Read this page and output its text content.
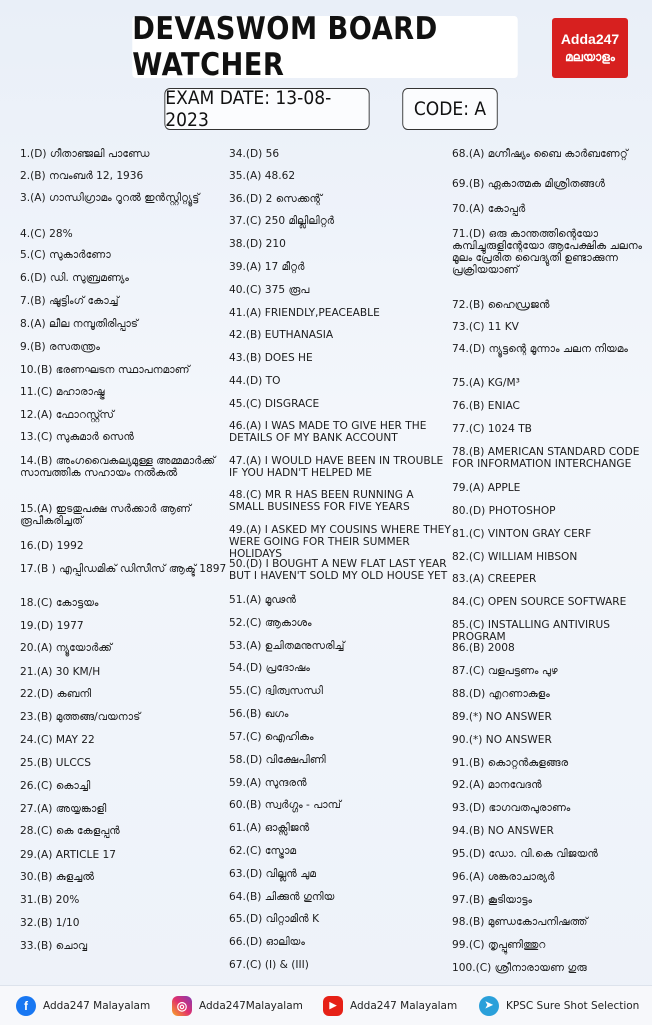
DEVASWOM BOARD WATCHER
Adda247
മലയാളം
EXAM DATE: 13-08-2023	CODE: A
1.(D) ഗീതാഞ്ജലി പാണ്ഡേ
2.(B) നവംബർ 12, 1936
3.(A) ഗാന്ധിഗ്രാമം റൂറൽ ഇൻസ്റ്റിറ്റ്യൂട്ട്
4.(C) 28%
5.(C) സുകാർണോ
6.(D) ഡി. സുബ്രമണ്യം
7.(B) ഷൂട്ടിംഗ് കോച്ച്
8.(A) ലീല നമ്പൂതിരിപ്പാട്
9.(B) രസതന്ത്രം
10.(B) ഭരണഘടന സ്ഥാപനമാണ്
11.(C) മഹാരാഷ്ട്ര
12.(A) ഫോറസ്റ്റ്സ്
13.(C) സുകുമാർ സെൻ
14.(B) അംഗവൈകല്യമുള്ള അമ്മമാർക്ക് സാമ്പത്തിക സഹായം നൽകൽ
15.(A) ഇടതുപക്ഷ സർക്കാർ ആണ് രൂപീകരിച്ചത്
16.(D) 1992
17.(B ) എപ്പിഡമിക് ഡിസീസ് ആക്ട് 1897
18.(C) കോട്ടയം
19.(D) 1977
20.(A) ന്യൂയോർക്ക്
21.(A) 30 KM/H
22.(D) കബനി
23.(B) മുത്തങ്ങ/വയനാട്
24.(C) MAY 22
25.(B) ULCCS
26.(C) കൊച്ചി
27.(A) അയ്യങ്കാളി
28.(C) കെ കേളപ്പൻ
29.(A) ARTICLE 17
30.(B) കുളച്ചൽ
31.(B) 20%
32.(B) 1/10
33.(B) ചൊവ്വ
34.(D) 56
35.(A) 48.62
36.(D) 2 സെക്കന്റ്
37.(C) 250 മില്ലിലിറ്റർ
38.(D) 210
39.(A) 17 മീറ്റർ
40.(C) 375 രൂപ
41.(A) FRIENDLY,PEACEABLE
42.(B) EUTHANASIA
43.(B) DOES HE
44.(D) TO
45.(C) DISGRACE
46.(A) I WAS MADE TO GIVE HER THE DETAILS OF MY BANK ACCOUNT
47.(A) I WOULD HAVE BEEN IN TROUBLE IF YOU HADN'T HELPED ME
48.(C) MR R HAS BEEN RUNNING A SMALL BUSINESS FOR FIVE YEARS
49.(A) I ASKED MY COUSINS WHERE THEY WERE GOING FOR THEIR SUMMER HOLIDAYS
50.(D) I BOUGHT A NEW FLAT LAST YEAR BUT I HAVEN'T SOLD MY OLD HOUSE YET
51.(A) മൂഢൻ
52.(C) ആകാശം
53.(A) ഉചിതമനുസരിച്ച്
54.(D) പ്രദോഷം
55.(C) ദ്വിത്വസന്ധി
56.(B) ഖഗം
57.(C) ഐഹികം
58.(D) വിക്ഷേപിണി
59.(A) സുന്ദരൻ
60.(B) സ്വർഗ്ഗം - പാമ്പ്
61.(A) ഓക്സിജൻ
62.(C) സ്ട്രോമ
63.(D) വില്ലൻ ചുമ
64.(B) ചിക്കുൻ ഗുനിയ
65.(D) വിറ്റാമിൻ K
66.(D) ഓലിയം
67.(C) (I) & (III)
68.(A) മഗ്നീഷ്യം ബൈ കാർബണേറ്റ്
69.(B) ഏകാത്മക മിശ്രിതങ്ങൾ
70.(A) കോപ്പർ
71.(D) ഒരു കാന്തത്തിന്റെയോ കമ്പിച്ചുരുളിന്റേയോ ആപേക്ഷിക ചലനം മൂലം പ്രേരിത വൈദ്യുതി ഉണ്ടാക്കുന്ന പ്രക്രിയയാണ്
72.(B) ഹൈഡ്രജൻ
73.(C) 11 KV
74.(D) ന്യൂട്ടന്റെ മൂന്നാം ചലന നിയമം
75.(A) KG/M³
76.(B) ENIAC
77.(C) 1024 TB
78.(B) AMERICAN STANDARD CODE FOR INFORMATION INTERCHANGE
79.(A) APPLE
80.(D) PHOTOSHOP
81.(C) VINTON GRAY CERF
82.(C) WILLIAM HIBSON
83.(A) CREEPER
84.(C) OPEN SOURCE SOFTWARE
85.(C) INSTALLING ANTIVIRUS PROGRAM
86.(B) 2008
87.(C) വളപട്ടണം പുഴ
88.(D) എറണാകുളം
89.(*) NO ANSWER
90.(*) NO ANSWER
91.(B) കൊറ്റൻകുളങ്ങര
92.(A) മാനവേദൻ
93.(D) ഭാഗവതപുരാണം
94.(B) NO ANSWER
95.(D) ഡോ. വി.കെ വിജയൻ
96.(A) ശങ്കരാചാര്യർ
97.(B) കൂടിയാട്ടം
98.(B) മുണ്ഡകോപനിഷത്ത്
99.(C) തൃപ്പൂണിത്തുറ
100.(C) ശ്രീനാരായണ ഗുരു
f	Adda247 Malayalam	◎	Adda247Malayalam	▶	Adda247 Malayalam	➤	KPSC Sure Shot Selection
